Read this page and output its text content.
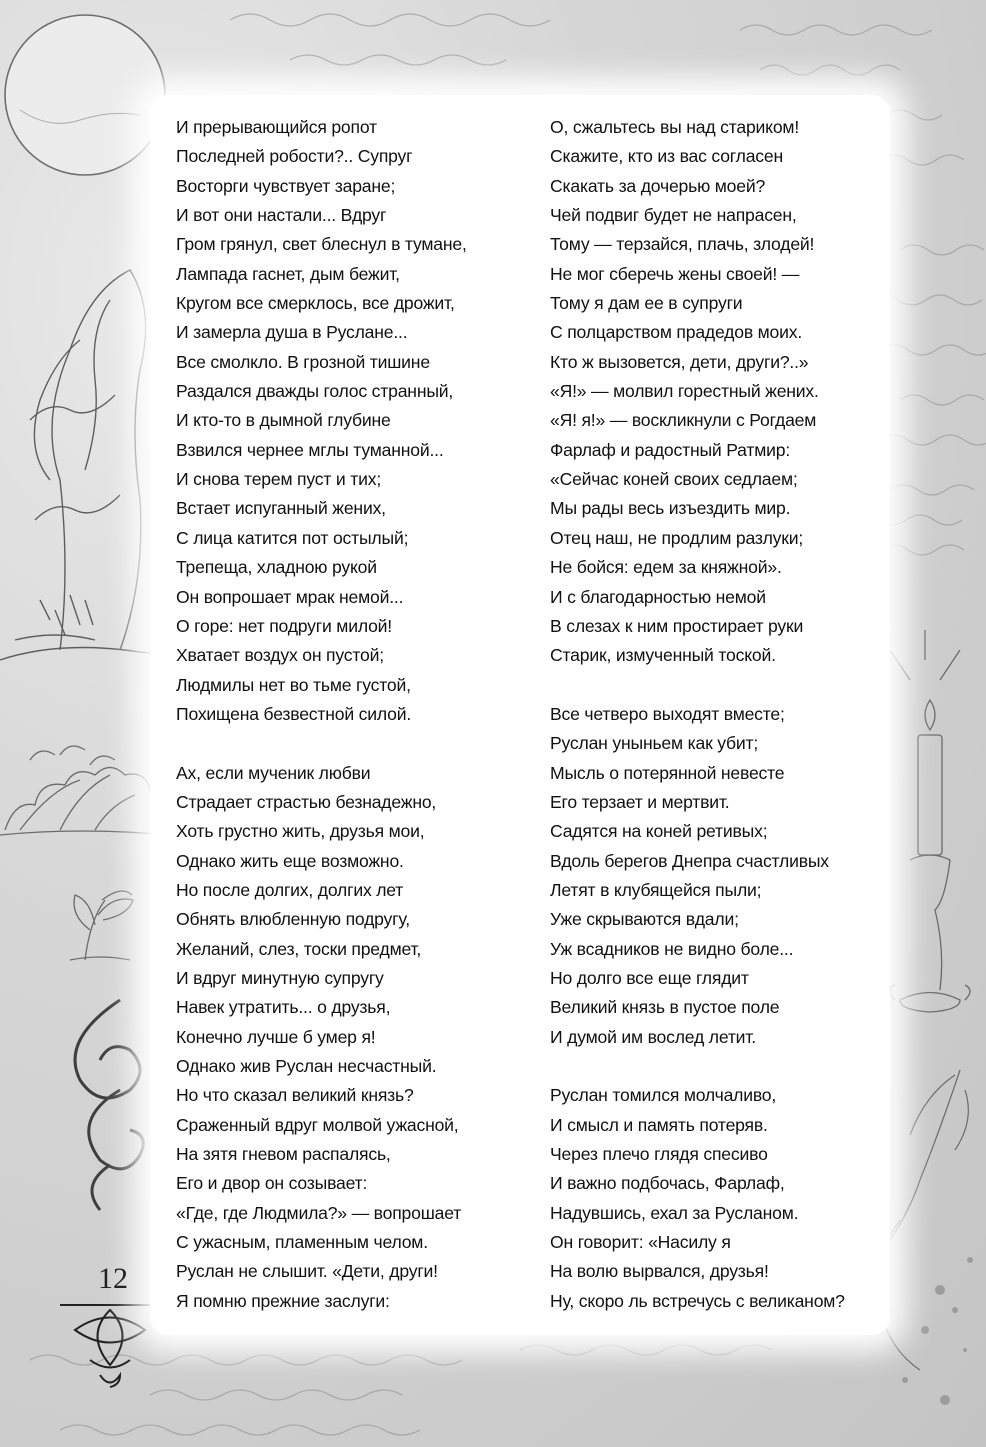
И прерывающийся ропот
Последней робости?.. Супруг
Восторги чувствует заране;
И вот они настали... Вдруг
Гром грянул, свет блеснул в тумане,
Лампада гаснет, дым бежит,
Кругом все смерклось, все дрожит,
И замерла душа в Руслане...
Все смолкло. В грозной тишине
Раздался дважды голос странный,
И кто-то в дымной глубине
Взвился чернее мглы туманной...
И снова терем пуст и тих;
Встает испуганный жених,
С лица катится пот остылый;
Трепеща, хладною рукой
Он вопрошает мрак немой...
О горе: нет подруги милой!
Хватает воздух он пустой;
Людмилы нет во тьме густой,
Похищена безвестной силой.
Ах, если мученик любви
Страдает страстью безнадежно,
Хоть грустно жить, друзья мои,
Однако жить еще возможно.
Но после долгих, долгих лет
Обнять влюбленную подругу,
Желаний, слез, тоски предмет,
И вдруг минутную супругу
Навек утратить... о друзья,
Конечно лучше б умер я!
Однако жив Руслан несчастный.
Но что сказал великий князь?
Сраженный вдруг молвой ужасной,
На зятя гневом распалясь,
Его и двор он созывает:
«Где, где Людмила?» — вопрошает
С ужасным, пламенным челом.
Руслан не слышит. «Дети, други!
Я помню прежние заслуги:
О, сжальтесь вы над стариком!
Скажите, кто из вас согласен
Скакать за дочерью моей?
Чей подвиг будет не напрасен,
Тому — терзайся, плачь, злодей!
Не мог сберечь жены своей! —
Тому я дам ее в супруги
С полцарством прадедов моих.
Кто ж вызовется, дети, други?..»
«Я!» — молвил горестный жених.
«Я! я!» — воскликнули с Рогдаем
Фарлаф и радостный Ратмир:
«Сейчас коней своих седлаем;
Мы рады весь изъездить мир.
Отец наш, не продлим разлуки;
Не бойся: едем за княжной».
И с благодарностью немой
В слезах к ним простирает руки
Старик, измученный тоской.
Все четверо выходят вместе;
Руслан уныньем как убит;
Мысль о потерянной невесте
Его терзает и мертвит.
Садятся на коней ретивых;
Вдоль берегов Днепра счастливых
Летят в клубящейся пыли;
Уже скрываются вдали;
Уж всадников не видно боле...
Но долго все еще глядит
Великий князь в пустое поле
И думой им вослед летит.
Руслан томился молчаливо,
И смысл и память потеряв.
Через плечо глядя спесиво
И важно подбочась, Фарлаф,
Надувшись, ехал за Русланом.
Он говорит: «Насилу я
На волю вырвался, друзья!
Ну, скоро ль встречусь с великаном?
12
